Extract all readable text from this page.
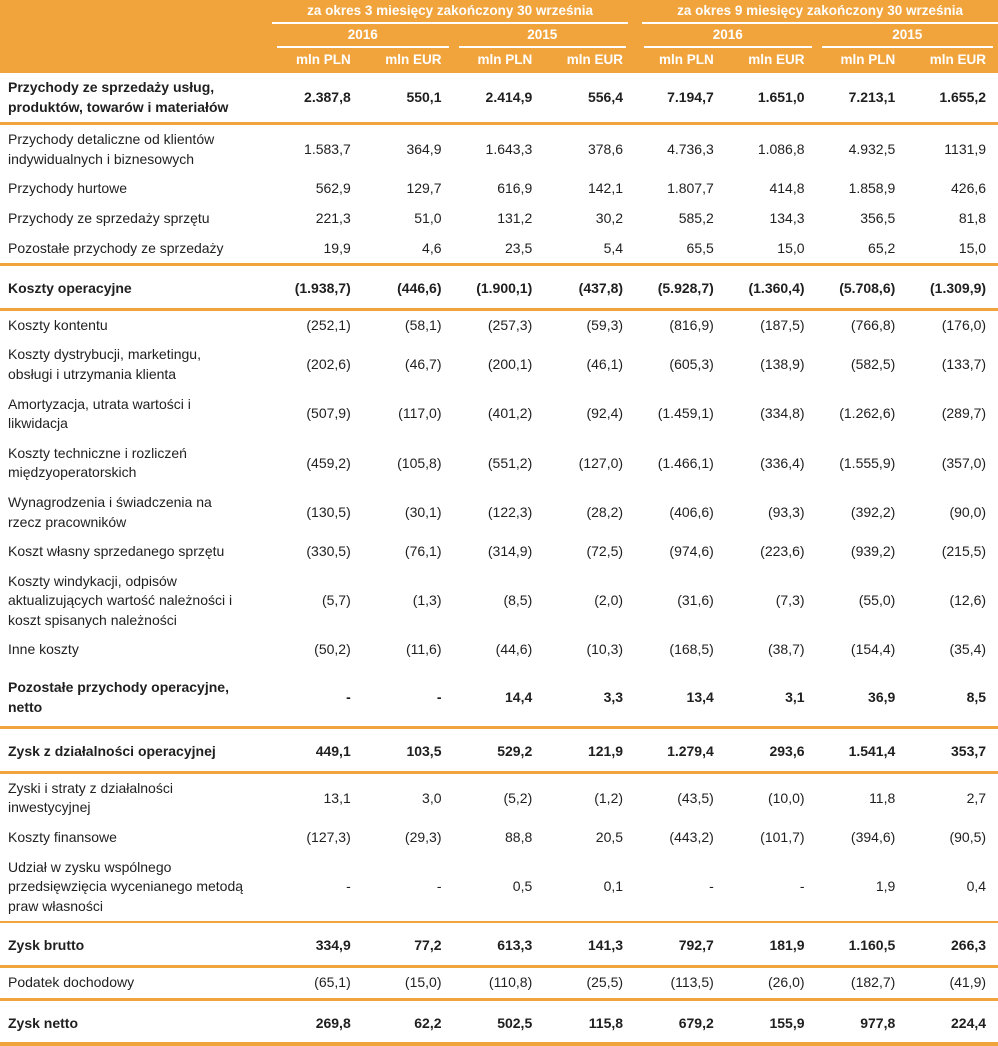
	za okres 3 miesięcy zakończony 30 września				za okres 9 miesięcy zakończony 30 września			

	2016		2015		2016		2015	

	mln PLN	mln EUR	mln PLN	mln EUR	mln PLN	mln EUR	mln PLN	mln EUR
Przychody ze sprzedaży usług, produktów, towarów i materiałów	2.387,8	550,1	2.414,9	556,4	7.194,7	1.651,0	7.213,1	1.655,2
Przychody detaliczne od klientów indywidualnych i biznesowych	1.583,7	364,9	1.643,3	378,6	4.736,3	1.086,8	4.932,5	1131,9
Przychody hurtowe	562,9	129,7	616,9	142,1	1.807,7	414,8	1.858,9	426,6
Przychody ze sprzedaży sprzętu	221,3	51,0	131,2	30,2	585,2	134,3	356,5	81,8
Pozostałe przychody ze sprzedaży	19,9	4,6	23,5	5,4	65,5	15,0	65,2	15,0
Koszty operacyjne	(1.938,7)	(446,6)	(1.900,1)	(437,8)	(5.928,7)	(1.360,4)	(5.708,6)	(1.309,9)
Koszty kontentu	(252,1)	(58,1)	(257,3)	(59,3)	(816,9)	(187,5)	(766,8)	(176,0)
Koszty dystrybucji, marketingu, obsługi i utrzymania klienta	(202,6)	(46,7)	(200,1)	(46,1)	(605,3)	(138,9)	(582,5)	(133,7)
Amortyzacja, utrata wartości i likwidacja	(507,9)	(117,0)	(401,2)	(92,4)	(1.459,1)	(334,8)	(1.262,6)	(289,7)
Koszty techniczne i rozliczeń międzyoperatorskich	(459,2)	(105,8)	(551,2)	(127,0)	(1.466,1)	(336,4)	(1.555,9)	(357,0)
Wynagrodzenia i świadczenia na rzecz pracowników	(130,5)	(30,1)	(122,3)	(28,2)	(406,6)	(93,3)	(392,2)	(90,0)
Koszt własny sprzedanego sprzętu	(330,5)	(76,1)	(314,9)	(72,5)	(974,6)	(223,6)	(939,2)	(215,5)
Koszty windykacji, odpisów aktualizujących wartość należności i koszt spisanych należności	(5,7)	(1,3)	(8,5)	(2,0)	(31,6)	(7,3)	(55,0)	(12,6)
Inne koszty	(50,2)	(11,6)	(44,6)	(10,3)	(168,5)	(38,7)	(154,4)	(35,4)
Pozostałe przychody operacyjne, netto	-	-	14,4	3,3	13,4	3,1	36,9	8,5
Zysk z działalności operacyjnej	449,1	103,5	529,2	121,9	1.279,4	293,6	1.541,4	353,7
Zyski i straty z działalności inwestycyjnej	13,1	3,0	(5,2)	(1,2)	(43,5)	(10,0)	11,8	2,7
Koszty finansowe	(127,3)	(29,3)	88,8	20,5	(443,2)	(101,7)	(394,6)	(90,5)
Udział w zysku wspólnego przedsięwzięcia wycenianego metodą praw własności	-	-	0,5	0,1	-	-	1,9	0,4
Zysk brutto	334,9	77,2	613,3	141,3	792,7	181,9	1.160,5	266,3
Podatek dochodowy	(65,1)	(15,0)	(110,8)	(25,5)	(113,5)	(26,0)	(182,7)	(41,9)
Zysk netto	269,8	62,2	502,5	115,8	679,2	155,9	977,8	224,4
